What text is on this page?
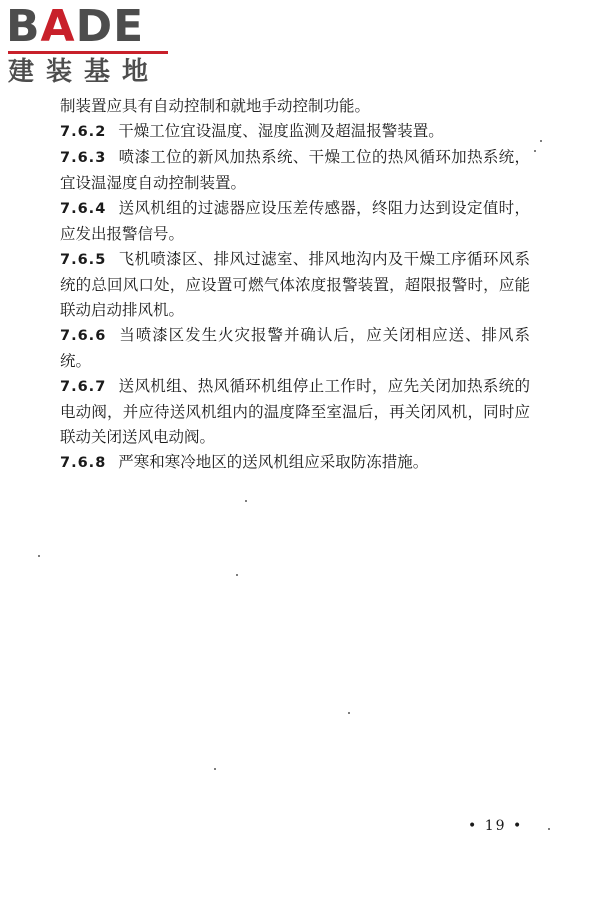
BADE
建装基地

制装置应具有自动控制和就地手动控制功能。

7.6.2 干燥工位宜设温度、湿度监测及超温报警装置。

7.6.3 喷漆工位的新风加热系统、干燥工位的热风循环加热系统，宜设温湿度自动控制装置。

7.6.4 送风机组的过滤器应设压差传感器，终阻力达到设定值时，应发出报警信号。

7.6.5 飞机喷漆区、排风过滤室、排风地沟内及干燥工序循环风系统的总回风口处，应设置可燃气体浓度报警装置，超限报警时，应能联动启动排风机。

7.6.6 当喷漆区发生火灾报警并确认后，应关闭相应送、排风系统。

7.6.7 送风机组、热风循环机组停止工作时，应先关闭加热系统的电动阀，并应待送风机组内的温度降至室温后，再关闭风机，同时应联动关闭送风电动阀。

7.6.8 严寒和寒冷地区的送风机组应采取防冻措施。

• 19 •
